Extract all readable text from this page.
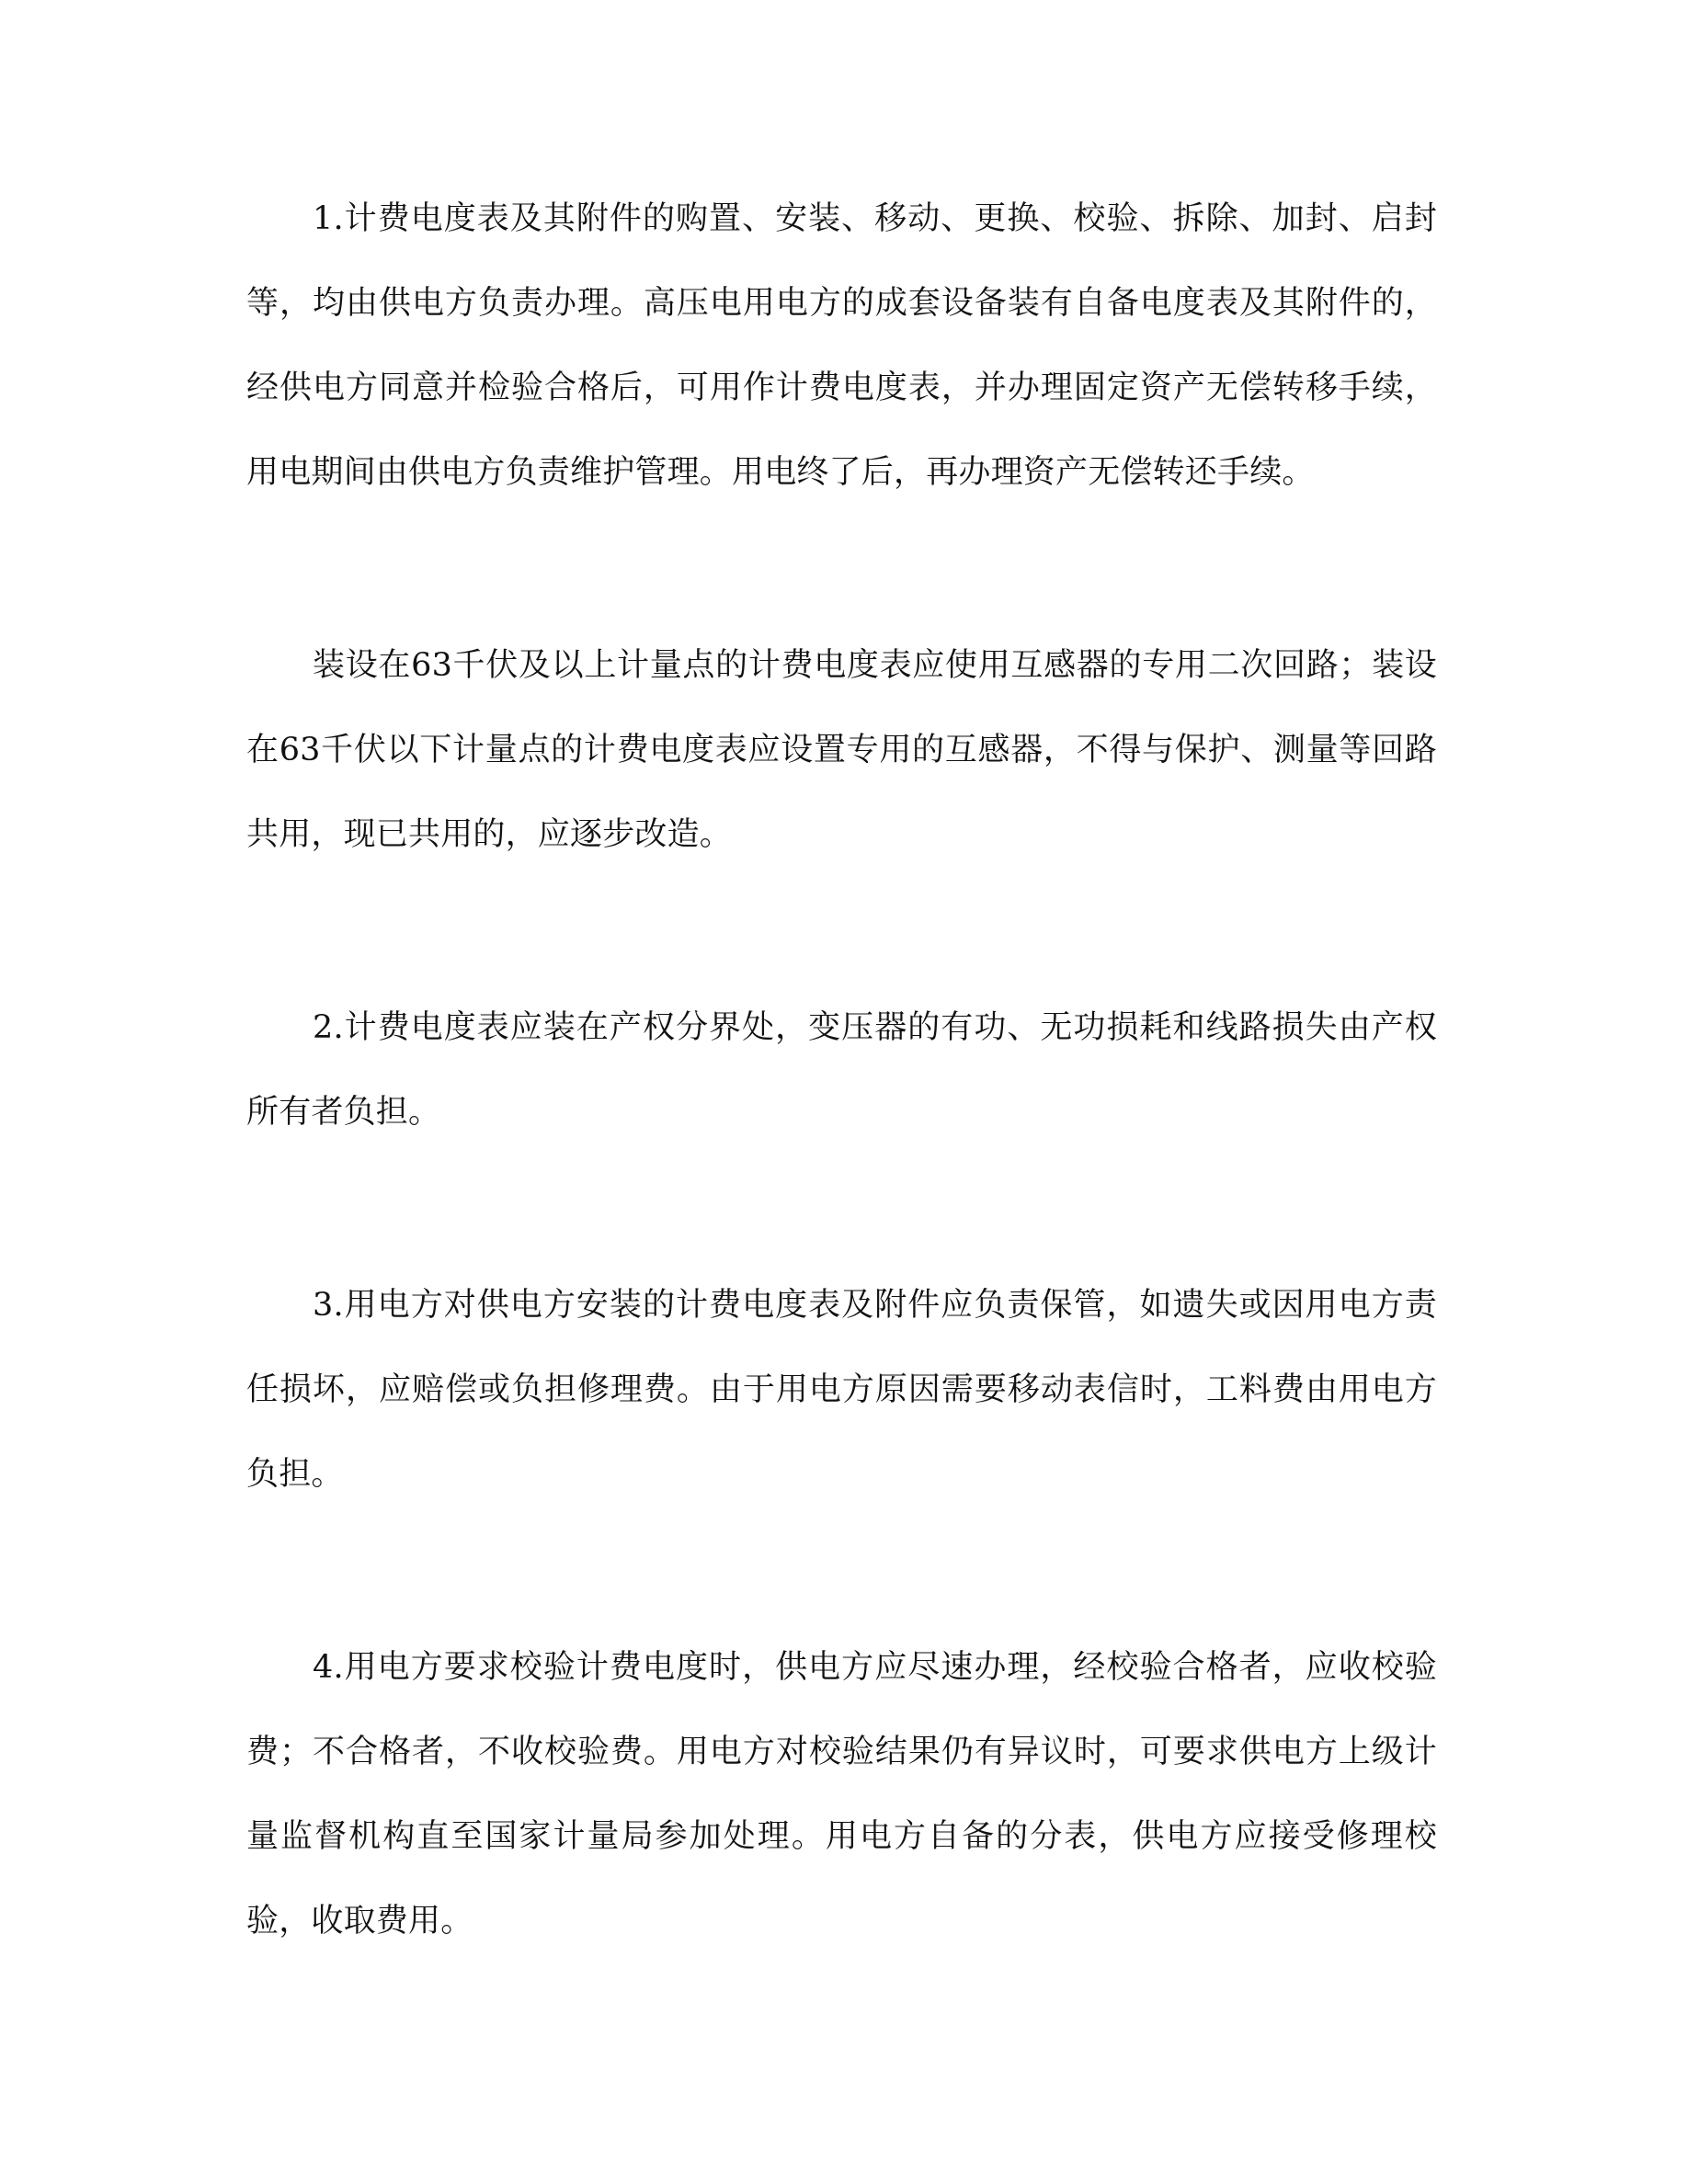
1.计费电度表及其附件的购置、安装、移动、更换、校验、拆除、加封、启封等，均由供电方负责办理。高压电用电方的成套设备装有自备电度表及其附件的，经供电方同意并检验合格后，可用作计费电度表，并办理固定资产无偿转移手续，用电期间由供电方负责维护管理。用电终了后，再办理资产无偿转还手续。

装设在63千伏及以上计量点的计费电度表应使用互感器的专用二次回路；装设在63千伏以下计量点的计费电度表应设置专用的互感器，不得与保护、测量等回路共用，现已共用的，应逐步改造。

2.计费电度表应装在产权分界处，变压器的有功、无功损耗和线路损失由产权所有者负担。

3.用电方对供电方安装的计费电度表及附件应负责保管，如遗失或因用电方责任损坏，应赔偿或负担修理费。由于用电方原因需要移动表信时，工料费由用电方负担。

4.用电方要求校验计费电度时，供电方应尽速办理，经校验合格者，应收校验费；不合格者，不收校验费。用电方对校验结果仍有异议时，可要求供电方上级计量监督机构直至国家计量局参加处理。用电方自备的分表，供电方应接受修理校验，收取费用。
